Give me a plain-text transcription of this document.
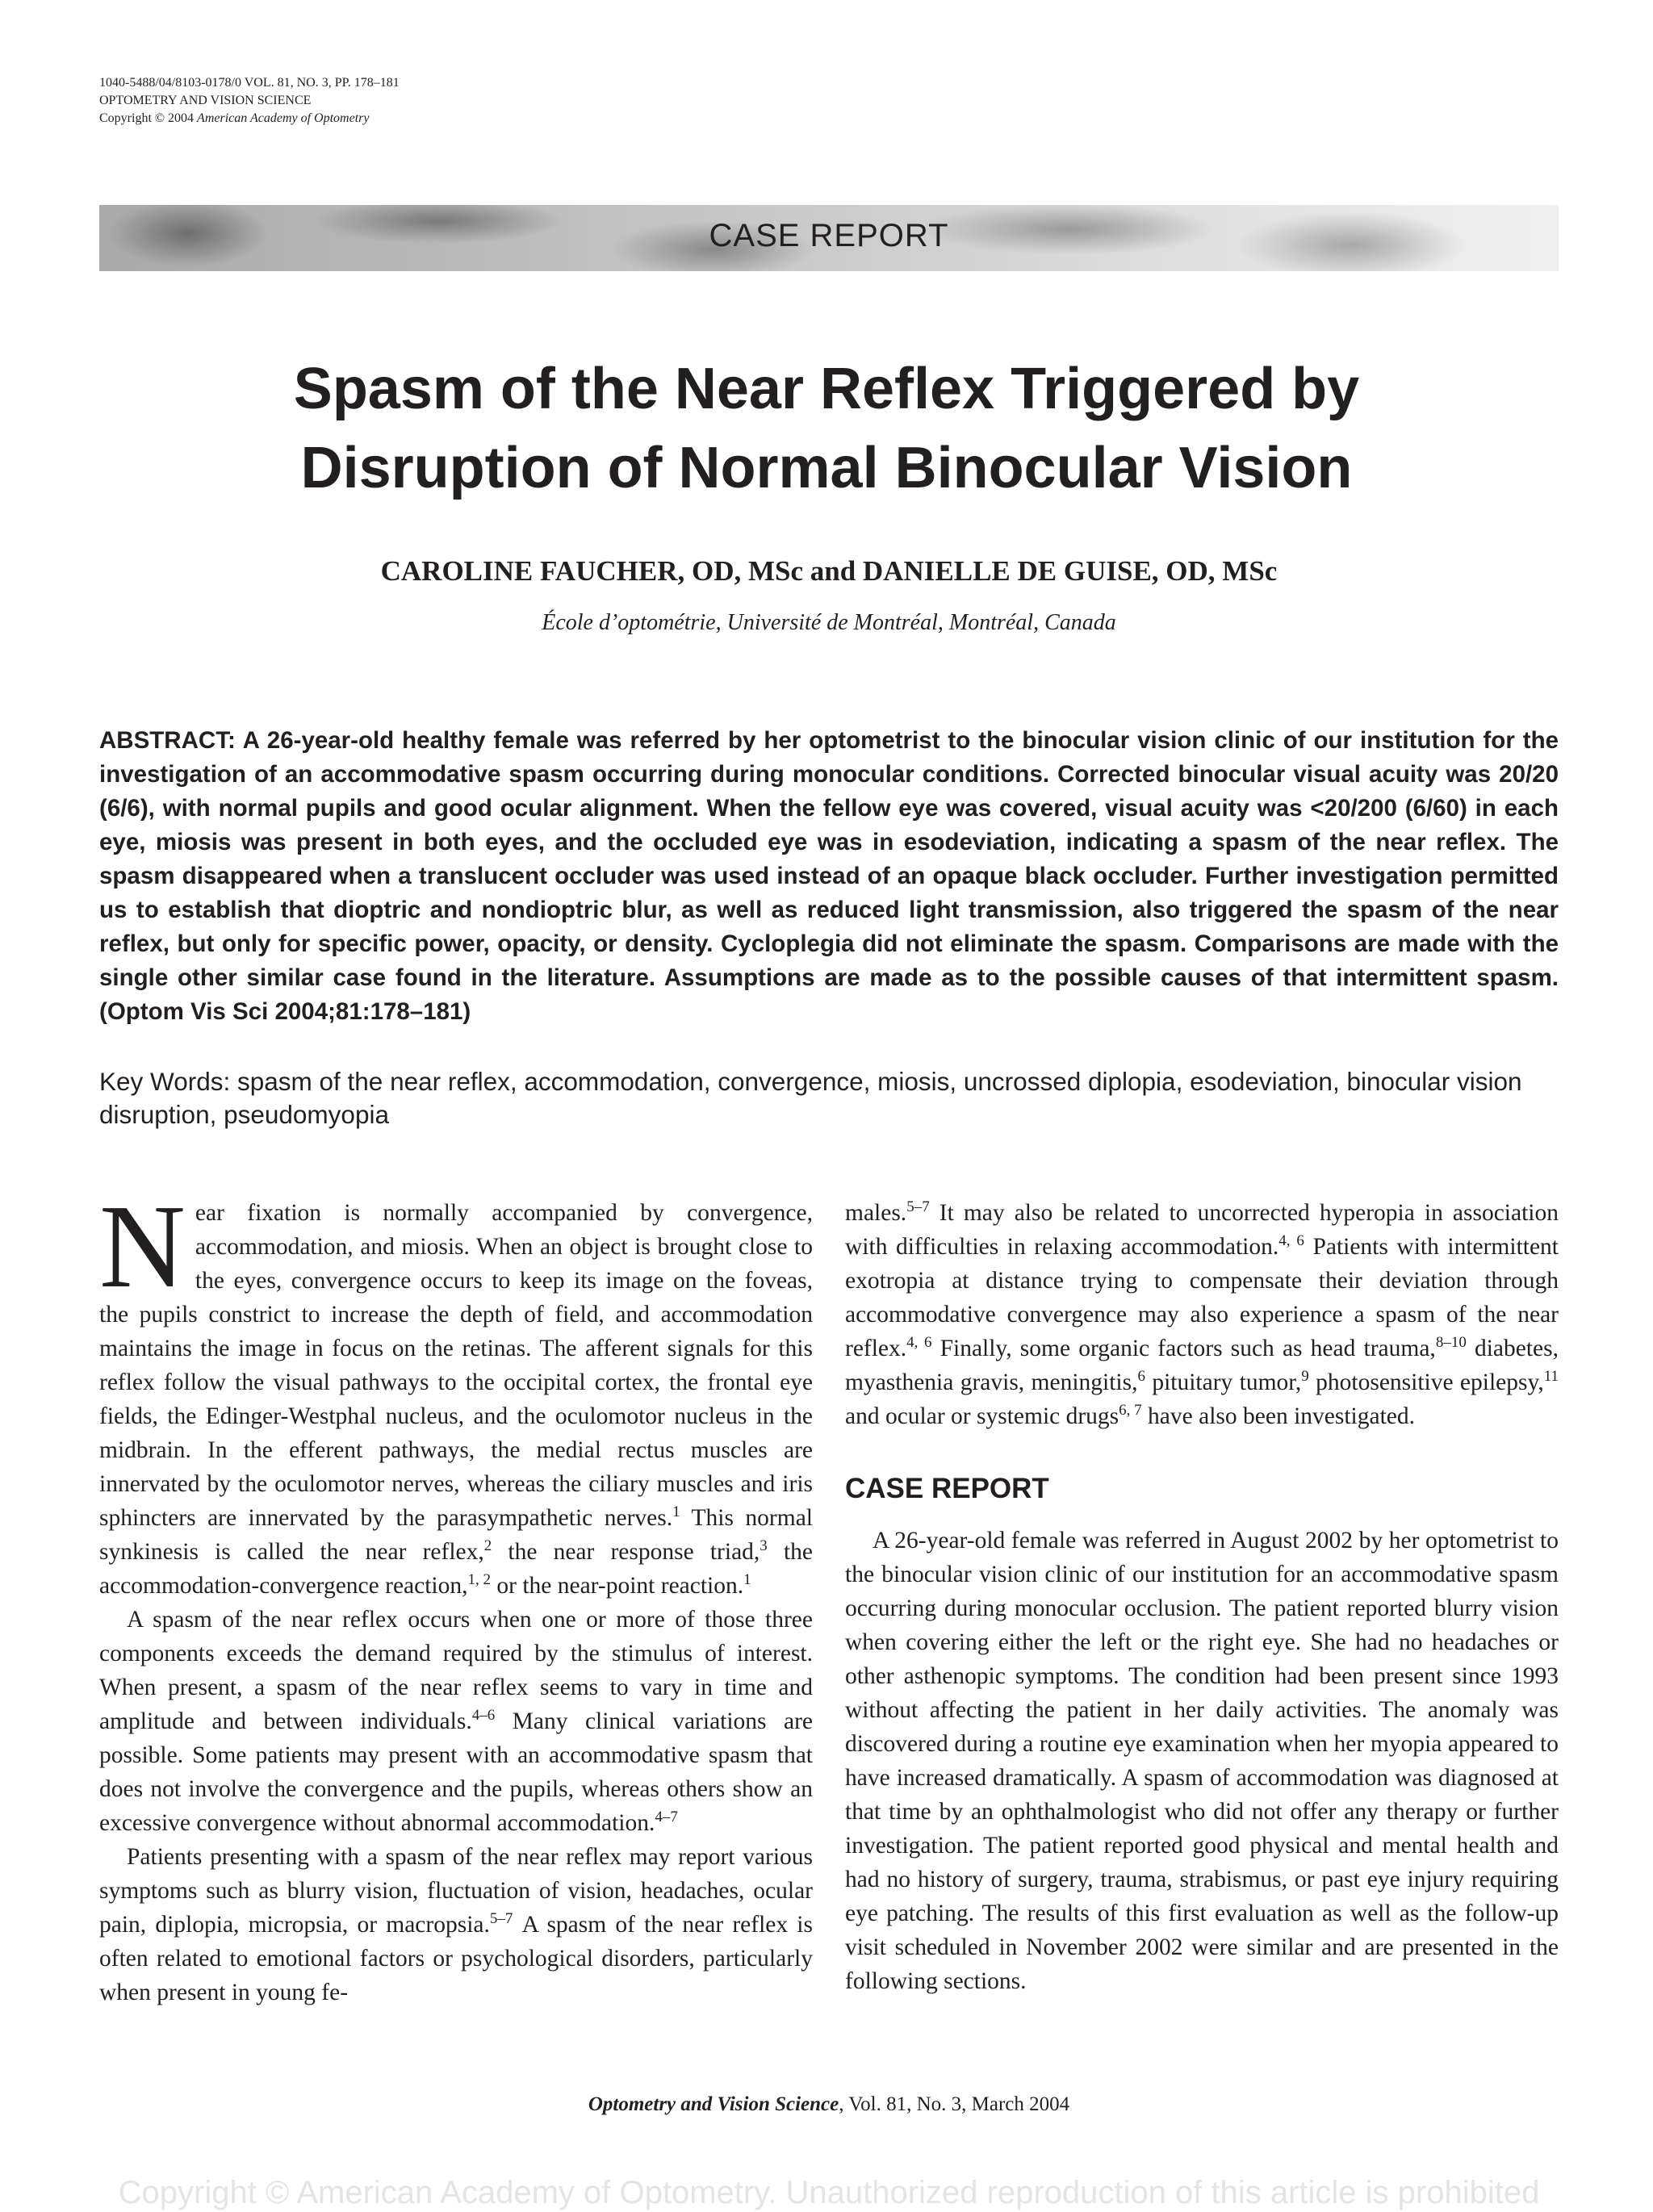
1040-5488/04/8103-0178/0 VOL. 81, NO. 3, PP. 178–181
OPTOMETRY AND VISION SCIENCE
Copyright © 2004 American Academy of Optometry
CASE REPORT
Spasm of the Near Reflex Triggered by
Disruption of Normal Binocular Vision
CAROLINE FAUCHER, OD, MSc and DANIELLE DE GUISE, OD, MSc
École d’optométrie, Université de Montréal, Montréal, Canada
ABSTRACT: A 26-year-old healthy female was referred by her optometrist to the binocular vision clinic of our institution for the investigation of an accommodative spasm occurring during monocular conditions. Corrected binocular visual acuity was 20/20 (6/6), with normal pupils and good ocular alignment. When the fellow eye was covered, visual acuity was <20/200 (6/60) in each eye, miosis was present in both eyes, and the occluded eye was in esodeviation, indicating a spasm of the near reflex. The spasm disappeared when a translucent occluder was used instead of an opaque black occluder. Further investigation permitted us to establish that dioptric and nondioptric blur, as well as reduced light transmission, also triggered the spasm of the near reflex, but only for specific power, opacity, or density. Cycloplegia did not eliminate the spasm. Comparisons are made with the single other similar case found in the literature. Assumptions are made as to the possible causes of that intermittent spasm. (Optom Vis Sci 2004;81:178–181)
Key Words: spasm of the near reflex, accommodation, convergence, miosis, uncrossed diplopia, esodeviation, binocular vision disruption, pseudomyopia

Near fixation is normally accompanied by convergence, accommodation, and miosis. When an object is brought close to the eyes, convergence occurs to keep its image on the foveas, the pupils constrict to increase the depth of field, and accommodation maintains the image in focus on the retinas. The afferent signals for this reflex follow the visual pathways to the occipital cortex, the frontal eye fields, the Edinger-Westphal nucleus, and the oculomotor nucleus in the midbrain. In the efferent pathways, the medial rectus muscles are innervated by the oculomotor nerves, whereas the ciliary muscles and iris sphincters are innervated by the parasympathetic nerves.$^1$ This normal synkinesis is called the near reflex,$^2$ the near response triad,$^3$ the accommodation-convergence reaction,$^{1, 2}$ or the near-point reaction.$^1$

A spasm of the near reflex occurs when one or more of those three components exceeds the demand required by the stimulus of interest. When present, a spasm of the near reflex seems to vary in time and amplitude and between individuals.$^{4-6}$ Many clinical variations are possible. Some patients may present with an accommodative spasm that does not involve the convergence and the pupils, whereas others show an excessive convergence without abnormal accommodation.$^{4-7}$

Patients presenting with a spasm of the near reflex may report various symptoms such as blurry vision, fluctuation of vision, headaches, ocular pain, diplopia, micropsia, or macropsia.$^{5-7}$ A spasm of the near reflex is often related to emotional factors or psychological disorders, particularly when present in young fe-

males.$^{5-7}$ It may also be related to uncorrected hyperopia in association with difficulties in relaxing accommodation.$^{4, 6}$ Patients with intermittent exotropia at distance trying to compensate their deviation through accommodative convergence may also experience a spasm of the near reflex.$^{4, 6}$ Finally, some organic factors such as head trauma,$^{8-10}$ diabetes, myasthenia gravis, meningitis,$^6$ pituitary tumor,$^9$ photosensitive epilepsy,$^{11}$ and ocular or systemic drugs$^{6, 7}$ have also been investigated.

CASE REPORT

A 26-year-old female was referred in August 2002 by her optometrist to the binocular vision clinic of our institution for an accommodative spasm occurring during monocular occlusion. The patient reported blurry vision when covering either the left or the right eye. She had no headaches or other asthenopic symptoms. The condition had been present since 1993 without affecting the patient in her daily activities. The anomaly was discovered during a routine eye examination when her myopia appeared to have increased dramatically. A spasm of accommodation was diagnosed at that time by an ophthalmologist who did not offer any therapy or further investigation. The patient reported good physical and mental health and had no history of surgery, trauma, strabismus, or past eye injury requiring eye patching. The results of this first evaluation as well as the follow-up visit scheduled in November 2002 were similar and are presented in the following sections.

Optometry and Vision Science, Vol. 81, No. 3, March 2004
Copyright © American Academy of Optometry. Unauthorized reproduction of this article is prohibited
